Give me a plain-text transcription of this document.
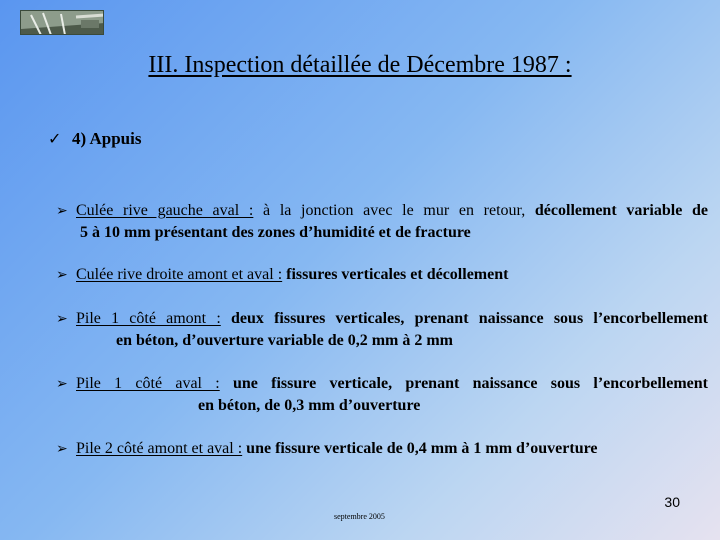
III. Inspection détaillée de Décembre 1987 :
✓ 4) Appuis
➢ Culée rive gauche aval : à la jonction avec le mur en retour, décollement variable de
5 à 10 mm présentant des zones d’humidité et de fracture
➢ Culée rive droite amont et aval : fissures verticales et décollement
➢ Pile 1 côté amont : deux fissures verticales, prenant naissance sous l’encorbellement
en béton, d’ouverture variable de 0,2 mm à 2 mm
➢ Pile 1 côté aval : une fissure verticale, prenant naissance sous l’encorbellement
en béton, de 0,3 mm d’ouverture
➢ Pile 2 côté amont et aval : une fissure verticale de 0,4 mm à 1 mm d’ouverture
septembre 2005
30
